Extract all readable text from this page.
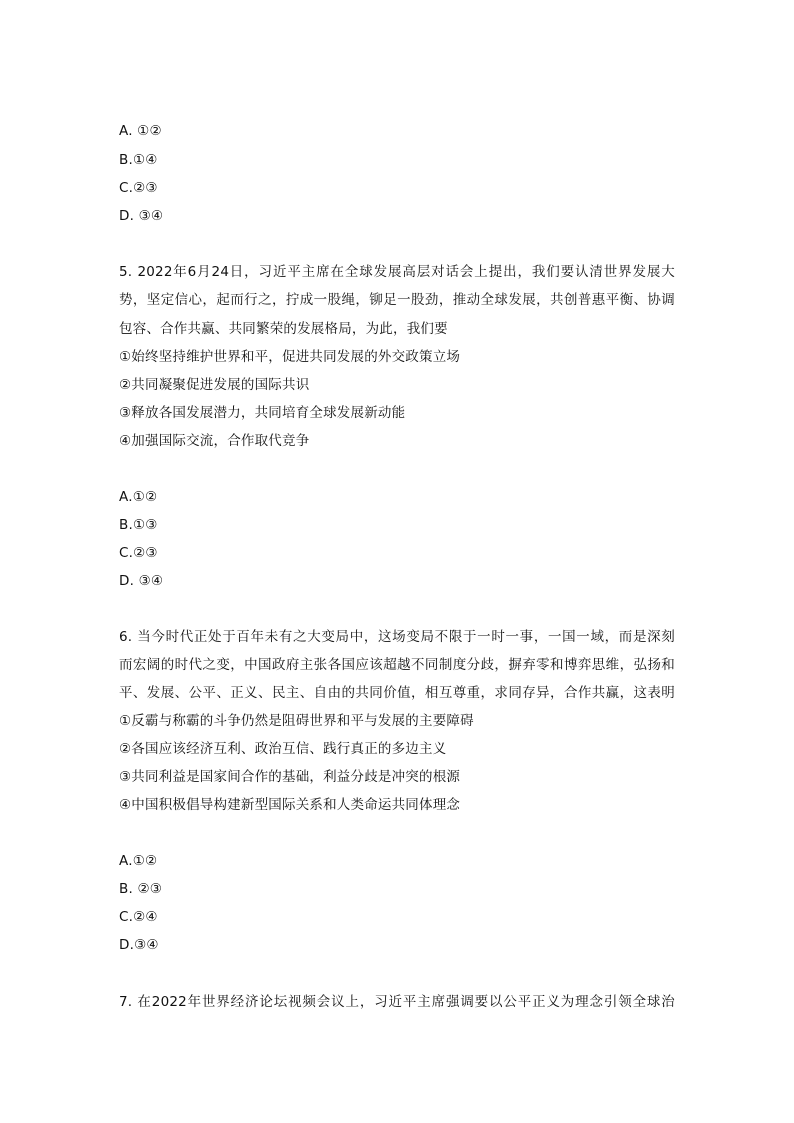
A. ①②
B.①④
C.②③
D. ③④
5. 2022年6月24日，习近平主席在全球发展高层对话会上提出，我们要认清世界发展大
势，坚定信心，起而行之，拧成一股绳，铆足一股劲，推动全球发展，共创普惠平衡、协调
包容、合作共赢、共同繁荣的发展格局，为此，我们要
①始终坚持维护世界和平，促进共同发展的外交政策立场
②共同凝聚促进发展的国际共识
③释放各国发展潜力，共同培育全球发展新动能
④加强国际交流，合作取代竞争
A.①②
B.①③
C.②③
D. ③④
6. 当今时代正处于百年未有之大变局中，这场变局不限于一时一事，一国一域，而是深刻
而宏阔的时代之变，中国政府主张各国应该超越不同制度分歧，摒弃零和博弈思维，弘扬和
平、发展、公平、正义、民主、自由的共同价值，相互尊重，求同存异，合作共赢，这表明
①反霸与称霸的斗争仍然是阻碍世界和平与发展的主要障碍
②各国应该经济互利、政治互信、践行真正的多边主义
③共同利益是国家间合作的基础，利益分歧是冲突的根源
④中国积极倡导构建新型国际关系和人类命运共同体理念
A.①②
B. ②③
C.②④
D.③④
7. 在2022年世界经济论坛视频会议上，习近平主席强调要以公平正义为理念引领全球治
